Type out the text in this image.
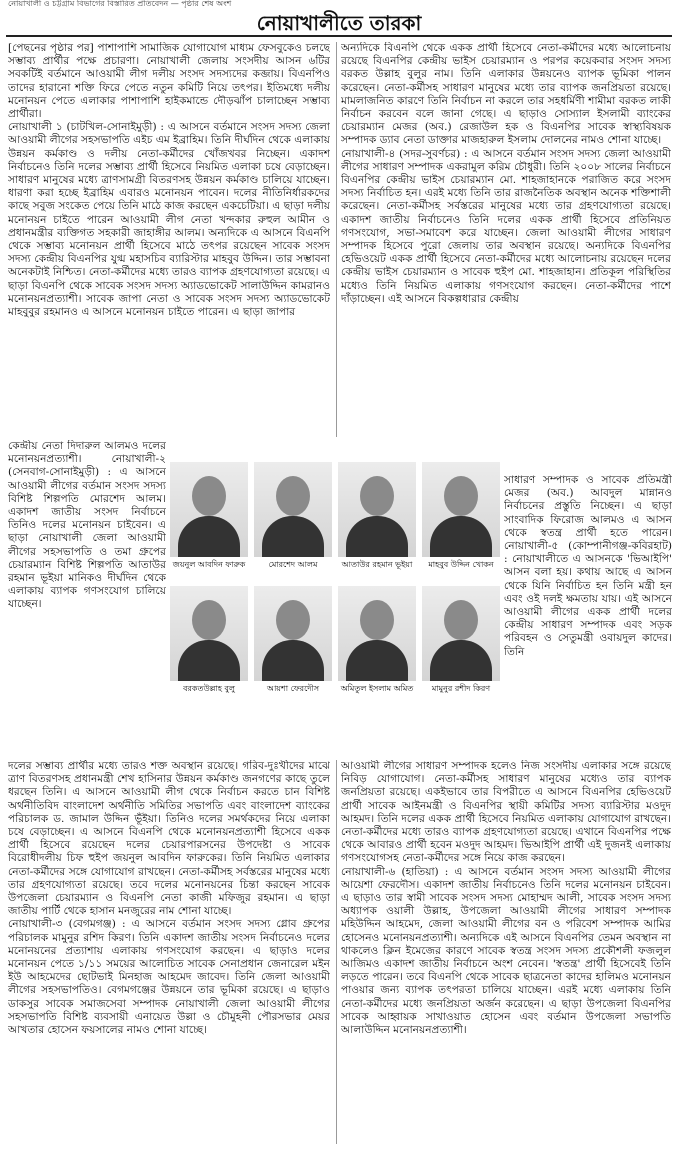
নোয়াখালী ও চট্টগ্রাম বিভাগের বিস্তারিত প্রতিবেদন — পৃষ্ঠার শেষ অংশ
নোয়াখালীতে তারকা

[পেছনের পৃষ্ঠার পর] পাশাপাশি সামাজিক যোগাযোগ মাধ্যম ফেসবুকেও চলছে সম্ভাব্য প্রার্থীর পক্ষে প্রচারণা। নোয়াখালী জেলায় সংসদীয় আসন ৬টির সবকটিই বর্তমানে আওয়ামী লীগ দলীয় সংসদ সদস্যদের কব্জায়। বিএনপিও তাদের হারানো শক্তি ফিরে পেতে নতুন কমিটি নিয়ে তৎপর। ইতিমধ্যে দলীয় মনোনয়ন পেতে এলাকার পাশাপাশি হাইকমান্ডে দৌড়ঝাঁপ চালাচ্ছেন সম্ভাব্য প্রার্থীরা।

নোয়াখালী ১ (চাটখিল-সোনাইমুড়ী) : এ আসনে বর্তমানে সংসদ সদস্য জেলা আওয়ামী লীগের সহসভাপতি এইচ এম ইব্রাহিম। তিনি দীর্ঘদিন থেকে এলাকায় উন্নয়ন কর্মকাণ্ড ও দলীয় নেতা-কর্মীদের খোঁজখবর নিচ্ছেন। একাদশ নির্বাচনেও তিনি দলের সম্ভাব্য প্রার্থী হিসেবে নিয়মিত এলাকা চষে বেড়াচ্ছেন। সাধারণ মানুষের মধ্যে ত্রাণসামগ্রী বিতরণসহ উন্নয়ন কর্মকাণ্ড চালিয়ে যাচ্ছেন। ধারণা করা হচ্ছে ইব্রাহিম এবারও মনোনয়ন পাবেন। দলের নীতিনির্ধারকদের কাছে সবুজ সংকেত পেয়ে তিনি মাঠে কাজ করছেন একচেটিয়া। এ ছাড়া দলীয় মনোনয়ন চাইতে পারেন আওয়ামী লীগ নেতা খন্দকার রুহুল আমীন ও প্রধানমন্ত্রীর ব্যক্তিগত সহকারী জাহাঙ্গীর আলম। অন্যদিকে এ আসনে বিএনপি থেকে সম্ভাব্য মনোনয়ন প্রার্থী হিসেবে মাঠে তৎপর রয়েছেন সাবেক সংসদ সদস্য কেন্দ্রীয় বিএনপির যুগ্ম মহাসচিব ব্যারিস্টার মাহবুব উদ্দিন। তার সম্ভাবনা অনেকটাই নিশ্চিত। নেতা-কর্মীদের মধ্যে তারও ব্যাপক গ্রহণযোগ্যতা রয়েছে। এ ছাড়া বিএনপি থেকে সাবেক সংসদ সদস্য অ্যাডভোকেট সালাউদ্দিন কামরানও মনোনয়নপ্রত্যাশী। সাবেক জাপা নেতা ও সাবেক সংসদ সদস্য অ্যাডভোকেট মাহবুবুর রহমানও এ আসনে মনোনয়ন চাইতে পারেন। এ ছাড়া জাপার

অন্যদিকে বিএনপি থেকে একক প্রার্থী হিসেবে নেতা-কর্মীদের মধ্যে আলোচনায় রয়েছে বিএনপির কেন্দ্রীয় ভাইস চেয়ারম্যান ও পরপর কয়েকবার সংসদ সদস্য বরকত উল্লাহ বুলুর নাম। তিনি এলাকার উন্নয়নেও ব্যাপক ভূমিকা পালন করেছেন। নেতা-কর্মীসহ সাধারণ মানুষের মধ্যে তার ব্যাপক জনপ্রিয়তা রয়েছে। মামলাজনিত কারণে তিনি নির্বাচন না করলে তার সহধর্মিণী শামীমা বরকত লাকী নির্বাচন করবেন বলে জানা গেছে। এ ছাড়াও সোস্যাল ইসলামী ব্যাংকের চেয়ারম্যান মেজর (অব.) রেজাউল হক ও বিএনপির সাবেক স্বাস্থ্যবিষয়ক সম্পাদক ড্যাব নেতা ডাক্তার মাজহারুল ইসলাম দোলনের নামও শোনা যাচ্ছে।

নোয়াখালী-৪ (সদর-সুবর্ণচর) : এ আসনে বর্তমান সংসদ সদস্য জেলা আওয়ামী লীগের সাধারণ সম্পাদক একরামুল করিম চৌধুরী। তিনি ২০০৮ সালের নির্বাচনে বিএনপির কেন্দ্রীয় ভাইস চেয়ারম্যান মো. শাহজাহানকে পরাজিত করে সংসদ সদস্য নির্বাচিত হন। এরই মধ্যে তিনি তার রাজনৈতিক অবস্থান অনেক শক্তিশালী করেছেন। নেতা-কর্মীসহ সর্বস্তরের মানুষের মধ্যে তার গ্রহণযোগ্যতা রয়েছে। একাদশ জাতীয় নির্বাচনেও তিনি দলের একক প্রার্থী হিসেবে প্রতিনিয়ত গণসংযোগ, সভা-সমাবেশ করে যাচ্ছেন। জেলা আওয়ামী লীগের সাধারণ সম্পাদক হিসেবে পুরো জেলায় তার অবস্থান রয়েছে। অন্যদিকে বিএনপির হেভিওয়েট একক প্রার্থী হিসেবে নেতা-কর্মীদের মধ্যে আলোচনায় রয়েছেন দলের কেন্দ্রীয় ভাইস চেয়ারম্যান ও সাবেক হুইপ মো. শাহজাহান। প্রতিকূল পরিস্থিতির মধ্যেও তিনি নিয়মিত এলাকায় গণসংযোগ করছেন। নেতা-কর্মীদের পাশে দাঁড়াচ্ছেন। এই আসনে বিকল্পধারার কেন্দ্রীয়

কেন্দ্রীয় নেতা দিদারুল আলমও দলের মনোনয়নপ্রত্যাশী। নোয়াখালী-২ (সেনবাগ-সোনাইমুড়ী) : এ আসনে আওয়ামী লীগের বর্তমান সংসদ সদস্য বিশিষ্ট শিল্পপতি মোরশেদ আলম। একাদশ জাতীয় সংসদ নির্বাচনে তিনিও দলের মনোনয়ন চাইবেন। এ ছাড়া নোয়াখালী জেলা আওয়ামী লীগের সহসভাপতি ও তমা গ্রুপের চেয়ারম্যান বিশিষ্ট শিল্পপতি আতাউর রহমান ভূইয়া মানিকও দীর্ঘদিন থেকে এলাকায় ব্যাপক গণসংযোগ চালিয়ে যাচ্ছেন।

জয়নুল আবদিন ফারুক	মোরশেদ আলম	আতাউর রহমান ভূইয়া	মাহবুব উদ্দিন খোকন
বরকতউল্লাহ বুলু	আয়শা ফেরদৌস	অমিতুল ইসলাম অমিত	মামুনুর রশীদ কিরণ

সাধারণ সম্পাদক ও সাবেক প্রতিমন্ত্রী মেজর (অব.) আবদুল মান্নানও নির্বাচনের প্রস্তুতি নিচ্ছেন। এ ছাড়া সাংবাদিক ফিরোজ আলমও এ আসন থেকে স্বতন্ত্র প্রার্থী হতে পারেন। নোয়াখালী-৫ (কোম্পানীগঞ্জ-কবিরহাট) : নোয়াখালীতে এ আসনকে 'ভিআইপি' আসন বলা হয়। কথায় আছে এ আসন থেকে যিনি নির্বাচিত হন তিনি মন্ত্রী হন এবং ওই দলই ক্ষমতায় যায়। এই আসনে আওয়ামী লীগের একক প্রার্থী দলের কেন্দ্রীয় সাধারণ সম্পাদক এবং সড়ক পরিবহন ও সেতুমন্ত্রী ওবায়দুল কাদের। তিনি

দলের সম্ভাব্য প্রার্থীর মধ্যে তারও শক্ত অবস্থান রয়েছে। গরিব-দুঃখীদের মাঝে ত্রাণ বিতরণসহ প্রধানমন্ত্রী শেখ হাসিনার উন্নয়ন কর্মকাণ্ড জনগণের কাছে তুলে ধরছেন তিনি। এ আসনে আওয়ামী লীগ থেকে নির্বাচন করতে চান বিশিষ্ট অর্থনীতিবিদ বাংলাদেশ অর্থনীতি সমিতির সভাপতি এবং বাংলাদেশ ব্যাংকের পরিচালক ড. জামাল উদ্দিন ভূঁইয়া। তিনিও দলের সমর্থকদের নিয়ে এলাকা চষে বেড়াচ্ছেন। এ আসনে বিএনপি থেকে মনোনয়নপ্রত্যাশী হিসেবে একক প্রার্থী হিসেবে রয়েছেন দলের চেয়ারপারসনের উপদেষ্টা ও সাবেক বিরোধীদলীয় চিফ হুইপ জয়নুল আবদিন ফারুকের। তিনি নিয়মিত এলাকার নেতা-কর্মীদের সঙ্গে যোগাযোগ রাখছেন। নেতা-কর্মীসহ সর্বস্তরের মানুষের মধ্যে তার গ্রহণযোগ্যতা রয়েছে। তবে দলের মনোনয়নের চিন্তা করছেন সাবেক উপজেলা চেয়ারম্যান ও বিএনপি নেতা কাজী মফিজুর রহমান। এ ছাড়া জাতীয় পার্টি থেকে হাসান মনজুরের নাম শোনা যাচ্ছে।

নোয়াখালী-৩ (বেগমগঞ্জ) : এ আসনে বর্তমান সংসদ সদস্য গ্লোব গ্রুপের পরিচালক মামুনুর রশিদ কিরণ। তিনি একাদশ জাতীয় সংসদ নির্বাচনেও দলের মনোনয়নের প্রত্যাশায় এলাকায় গণসংযোগ করছেন। এ ছাড়াও দলের মনোনয়ন পেতে ১/১১ সময়ের আলোচিত সাবেক সেনাপ্রধান জেনারেল মইন ইউ আহমেদের ছোটভাই মিনহাজ আহমেদ জাবেদ। তিনি জেলা আওয়ামী লীগের সহসভাপতিও। বেগমগঞ্জের উন্নয়নে তার ভূমিকা রয়েছে। এ ছাড়াও ডাকসুর সাবেক সমাজসেবা সম্পাদক নোয়াখালী জেলা আওয়ামী লীগের সহসভাপতি বিশিষ্ট ব্যবসায়ী এনায়েত উল্লা ও চৌমুহনী পৌরসভার মেয়র আখতার হোসেন ফয়সালের নামও শোনা যাচ্ছে।

আওয়ামী লীগের সাধারণ সম্পাদক হলেও নিজ সংসদীয় এলাকার সঙ্গে রয়েছে নিবিড় যোগাযোগ। নেতা-কর্মীসহ সাধারণ মানুষের মধ্যেও তার ব্যাপক জনপ্রিয়তা রয়েছে। একইভাবে তার বিপরীতে এ আসনে বিএনপির হেভিওয়েট প্রার্থী সাবেক আইনমন্ত্রী ও বিএনপির স্থায়ী কমিটির সদস্য ব্যারিস্টার মওদুদ আহমদ। তিনি দলের একক প্রার্থী হিসেবে নিয়মিত এলাকায় যোগাযোগ রাখছেন। নেতা-কর্মীদের মধ্যে তারও ব্যাপক গ্রহণযোগ্যতা রয়েছে। এখানে বিএনপির পক্ষে থেকে আবারও প্রার্থী হবেন মওদুদ আহমদ। ভিআইপি প্রার্থী এই দুজনই এলাকায় গণসংযোগসহ নেতা-কর্মীদের সঙ্গে নিয়ে কাজ করছেন।

নোয়াখালী-৬ (হাতিয়া) : এ আসনে বর্তমান সংসদ সদস্য আওয়ামী লীগের আয়েশা ফেরদৌস। একাদশ জাতীয় নির্বাচনেও তিনি দলের মনোনয়ন চাইবেন। এ ছাড়াও তার স্বামী সাবেক সংসদ সদস্য মোহাম্মদ আলী, সাবেক সংসদ সদস্য অধ্যাপক ওয়ালী উল্লাহ, উপজেলা আওয়ামী লীগের সাধারণ সম্পাদক মহিউদ্দিন আহমেদ, জেলা আওয়ামী লীগের বন ও পরিবেশ সম্পাদক আমির হোসেনও মনোনয়নপ্রত্যাশী। অন্যদিকে এই আসনে বিএনপির তেমন অবস্থান না থাকলেও ক্লিন ইমেজের কারণে সাবেক স্বতন্ত্র সংসদ সদস্য প্রকৌশলী ফজলুল আজিমও একাদশ জাতীয় নির্বাচনে অংশ নেবেন। 'স্বতন্ত্র' প্রার্থী হিসেবেই তিনি লড়তে পারেন। তবে বিএনপি থেকে সাবেক ছাত্রনেতা কাদের হালিমও মনোনয়ন পাওয়ার জন্য ব্যাপক তৎপরতা চালিয়ে যাচ্ছেন। এরই মধ্যে এলাকায় তিনি নেতা-কর্মীদের মধ্যে জনপ্রিয়তা অর্জন করেছেন। এ ছাড়া উপজেলা বিএনপির সাবেক আহ্বায়ক সাখাওয়াত হোসেন এবং বর্তমান উপজেলা সভাপতি আলাউদ্দিন মনোনয়নপ্রত্যাশী।
